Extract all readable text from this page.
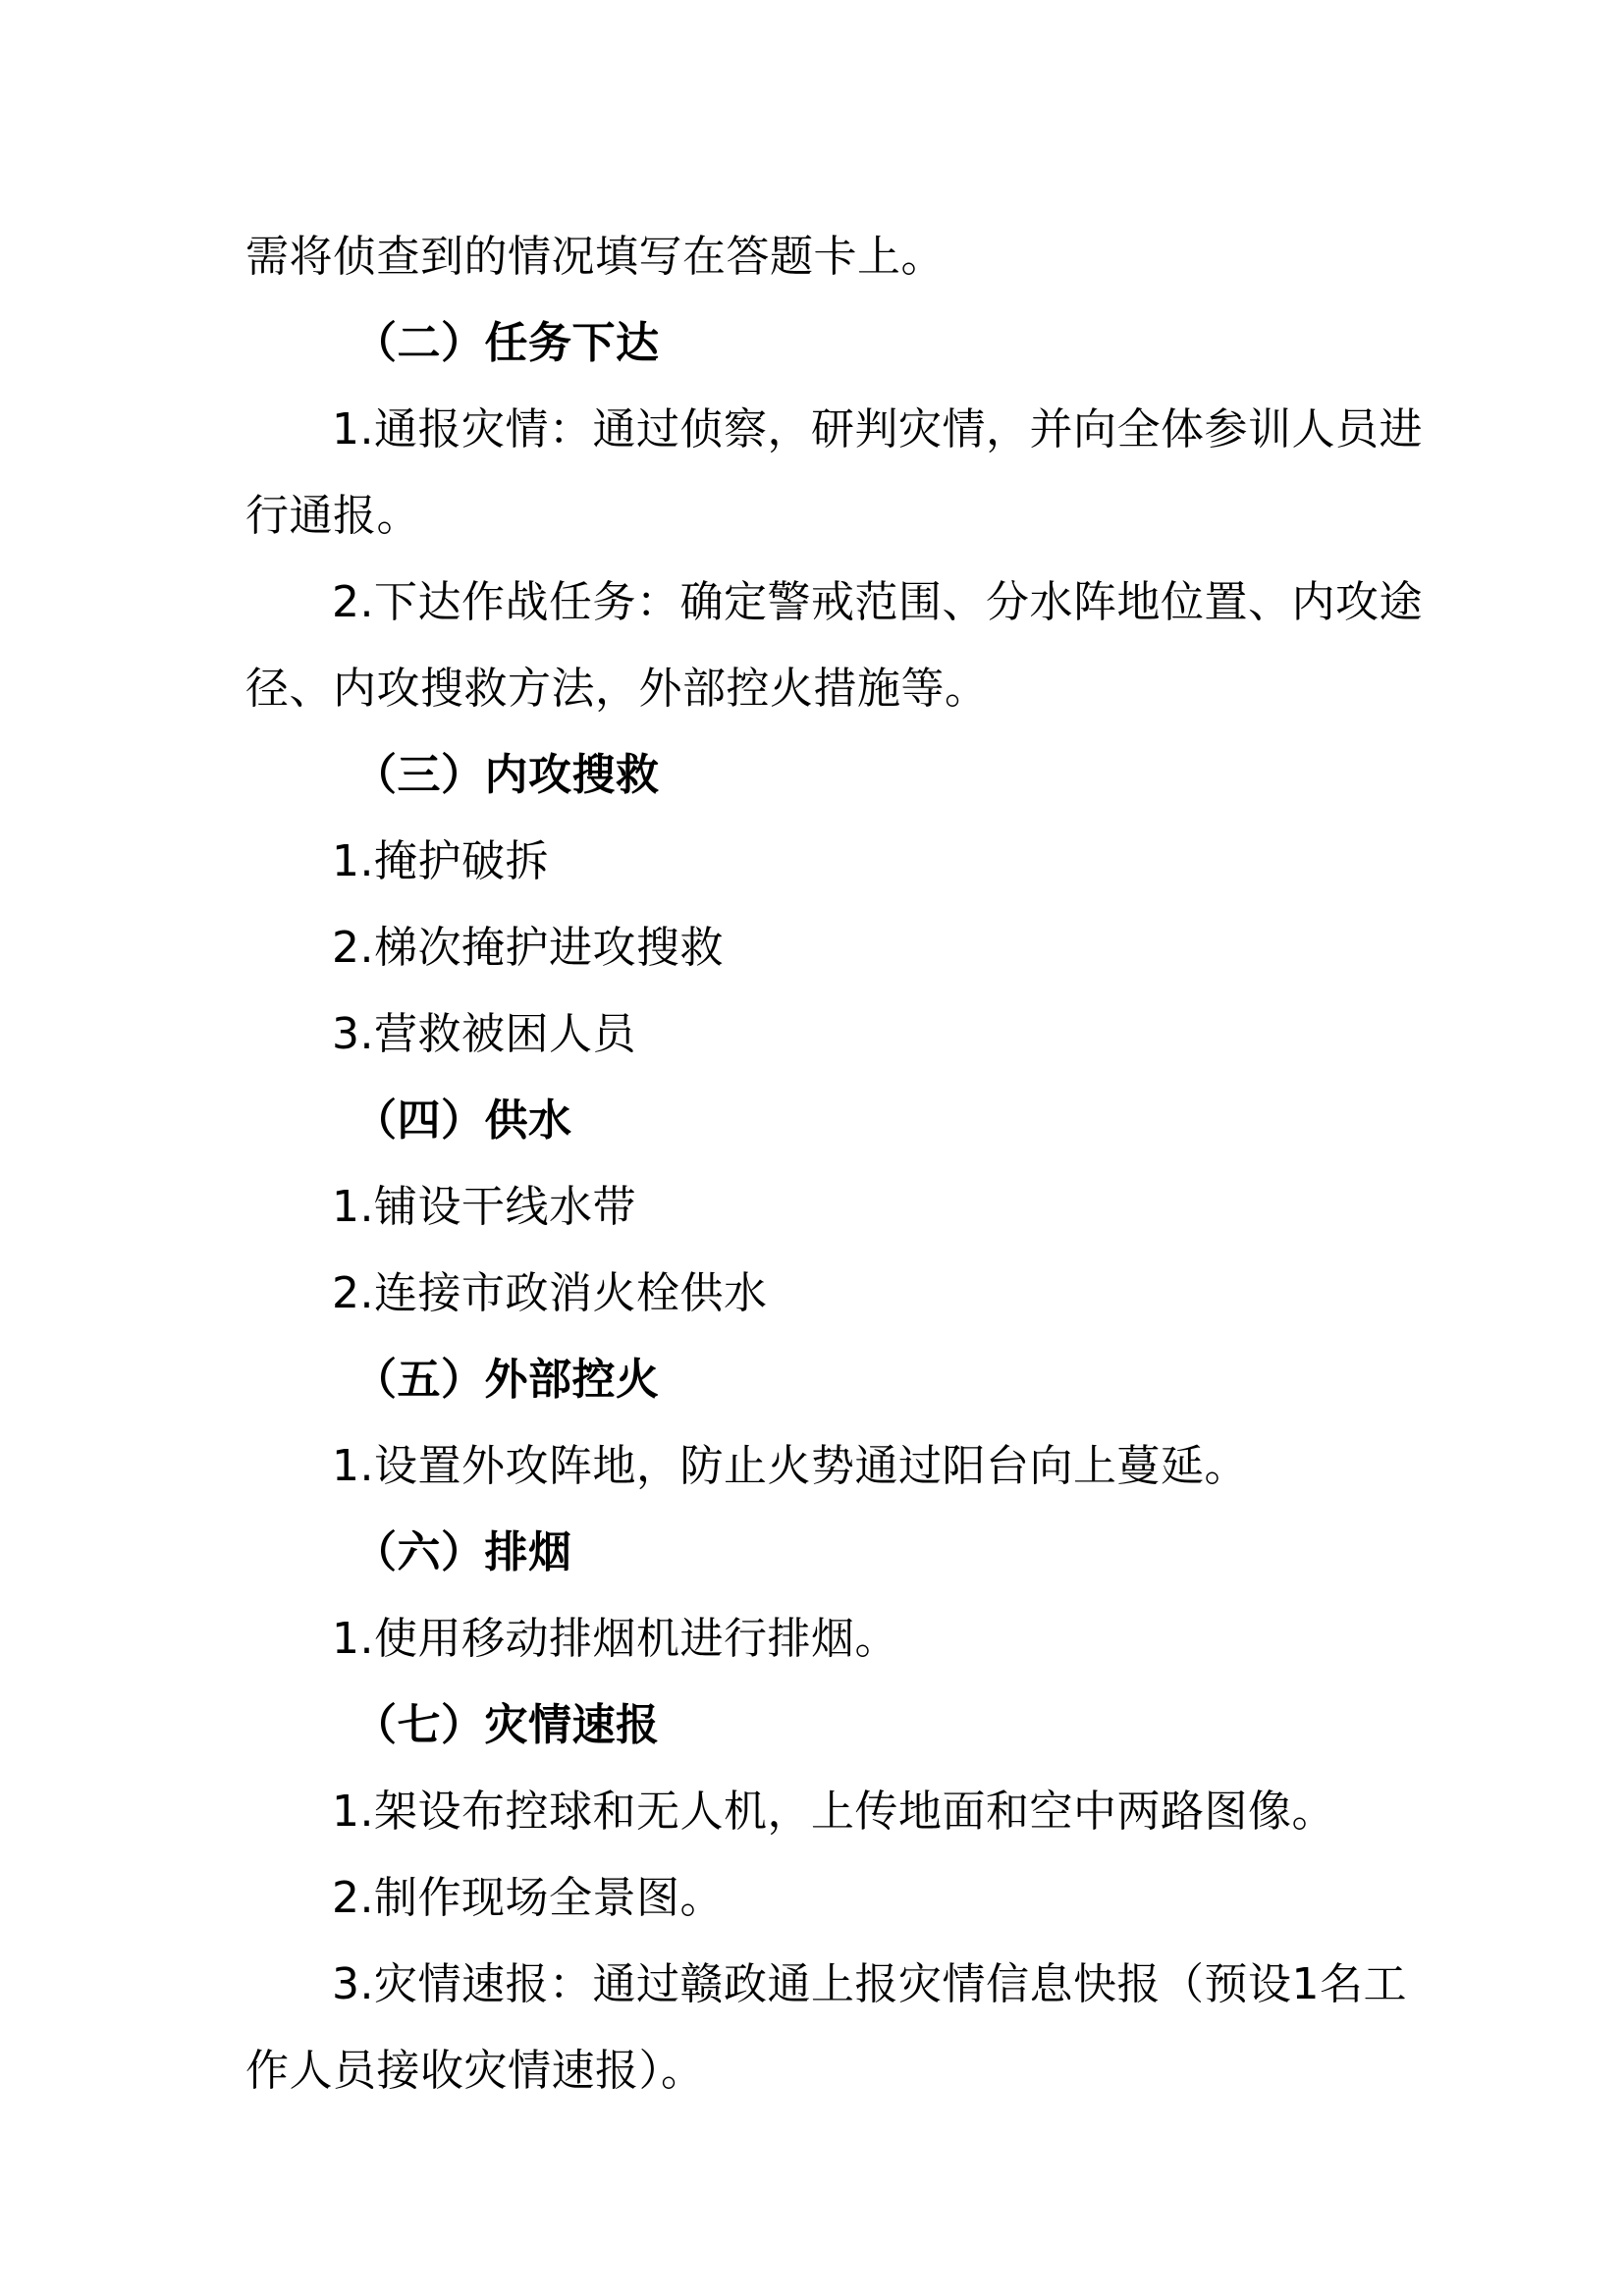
需将侦查到的情况填写在答题卡上。
（二）任务下达
1.通报灾情：通过侦察，研判灾情，并向全体参训人员进
行通报。
2.下达作战任务：确定警戒范围、分水阵地位置、内攻途
径、内攻搜救方法，外部控火措施等。
（三）内攻搜救
1.掩护破拆
2.梯次掩护进攻搜救
3.营救被困人员
（四）供水
1.铺设干线水带
2.连接市政消火栓供水
（五）外部控火
1.设置外攻阵地，防止火势通过阳台向上蔓延。
（六）排烟
1.使用移动排烟机进行排烟。
（七）灾情速报
1.架设布控球和无人机，上传地面和空中两路图像。
2.制作现场全景图。
3.灾情速报：通过赣政通上报灾情信息快报（预设1名工
作人员接收灾情速报）。
